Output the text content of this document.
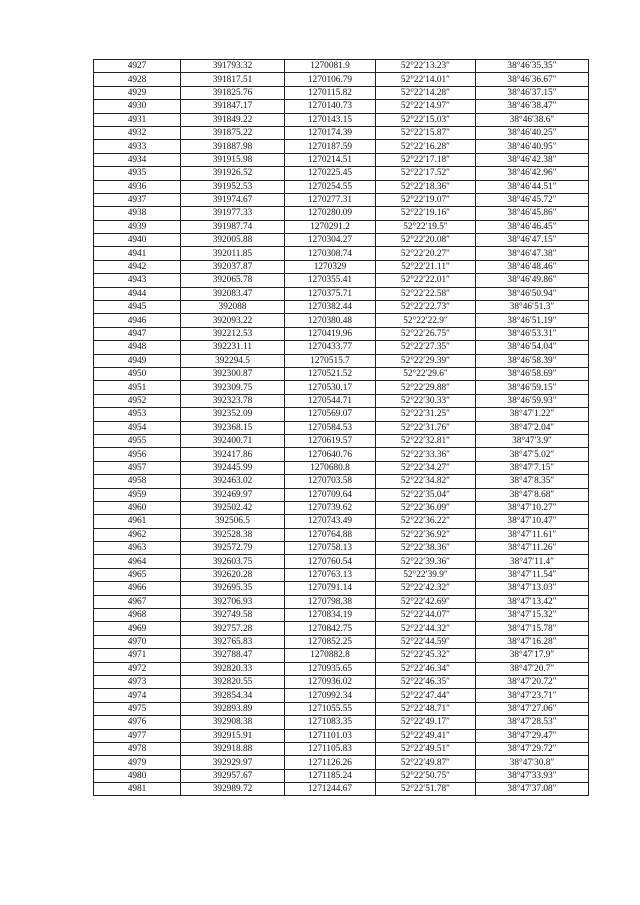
4927	391793.32	1270081.9	52°22′13.23″	38°46′35.35″
4928	391817.51	1270106.79	52°22′14.01″	38°46′36.67″
4929	391825.76	1270115.82	52°22′14.28″	38°46′37.15″
4930	391847.17	1270140.73	52°22′14.97″	38°46′38.47″
4931	391849.22	1270143.15	52°22′15.03″	38°46′38.6″
4932	391875.22	1270174.39	52°22′15.87″	38°46′40.25″
4933	391887.98	1270187.59	52°22′16.28″	38°46′40.95″
4934	391915.98	1270214.51	52°22′17.18″	38°46′42.38″
4935	391926.52	1270225.45	52°22′17.52″	38°46′42.96″
4936	391952.53	1270254.55	52°22′18.36″	38°46′44.51″
4937	391974.67	1270277.31	52°22′19.07″	38°46′45.72″
4938	391977.33	1270280.09	52°22′19.16″	38°46′45.86″
4939	391987.74	1270291.2	52°22′19.5″	38°46′46.45″
4940	392005.88	1270304.27	52°22′20.08″	38°46′47.15″
4941	392011.85	1270308.74	52°22′20.27″	38°46′47.38″
4942	392037.87	1270329	52°22′21.11″	38°46′48.46″
4943	392065.78	1270355.41	52°22′22.01″	38°46′49.86″
4944	392083.47	1270375.71	52°22′22.58″	38°46′50.94″
4945	392088	1270382.44	52°22′22.73″	38°46′51.3″
4946	392093.22	1270380.48	52°22′22.9″	38°46′51.19″
4947	392212.53	1270419.96	52°22′26.75″	38°46′53.31″
4948	392231.11	1270433.77	52°22′27.35″	38°46′54.04″
4949	392294.5	1270515.7	52°22′29.39″	38°46′58.39″
4950	392300.87	1270521.52	52°22′29.6″	38°46′58.69″
4951	392309.75	1270530.17	52°22′29.88″	38°46′59.15″
4952	392323.78	1270544.71	52°22′30.33″	38°46′59.93″
4953	392352.09	1270569.07	52°22′31.25″	38°47′1.22″
4954	392368.15	1270584.53	52°22′31.76″	38°47′2.04″
4955	392400.71	1270619.57	52°22′32.81″	38°47′3.9″
4956	392417.86	1270640.76	52°22′33.36″	38°47′5.02″
4957	392445.99	1270680.8	52°22′34.27″	38°47′7.15″
4958	392463.02	1270703.58	52°22′34.82″	38°47′8.35″
4959	392469.97	1270709.64	52°22′35.04″	38°47′8.68″
4960	392502.42	1270739.62	52°22′36.09″	38°47′10.27″
4961	392506.5	1270743.49	52°22′36.22″	38°47′10.47″
4962	392528.38	1270764.88	52°22′36.92″	38°47′11.61″
4963	392572.79	1270758.13	52°22′38.36″	38°47′11.26″
4964	392603.75	1270760.54	52°22′39.36″	38°47′11.4″
4965	392620.28	1270763.13	52°22′39.9″	38°47′11.54″
4966	392695.35	1270791.14	52°22′42.32″	38°47′13.03″
4967	392706.93	1270798.38	52°22′42.69″	38°47′13.42″
4968	392749.58	1270834.19	52°22′44.07″	38°47′15.32″
4969	392757.28	1270842.75	52°22′44.32″	38°47′15.78″
4970	392765.83	1270852.25	52°22′44.59″	38°47′16.28″
4971	392788.47	1270882.8	52°22′45.32″	38°47′17.9″
4972	392820.33	1270935.65	52°22′46.34″	38°47′20.7″
4973	392820.55	1270936.02	52°22′46.35″	38°47′20.72″
4974	392854.34	1270992.34	52°22′47.44″	38°47′23.71″
4975	392893.89	1271055.55	52°22′48.71″	38°47′27.06″
4976	392908.38	1271083.35	52°22′49.17″	38°47′28.53″
4977	392915.91	1271101.03	52°22′49.41″	38°47′29.47″
4978	392918.88	1271105.83	52°22′49.51″	38°47′29.72″
4979	392929.97	1271126.26	52°22′49.87″	38°47′30.8″
4980	392957.67	1271185.24	52°22′50.75″	38°47′33.93″
4981	392989.72	1271244.67	52°22′51.78″	38°47′37.08″
